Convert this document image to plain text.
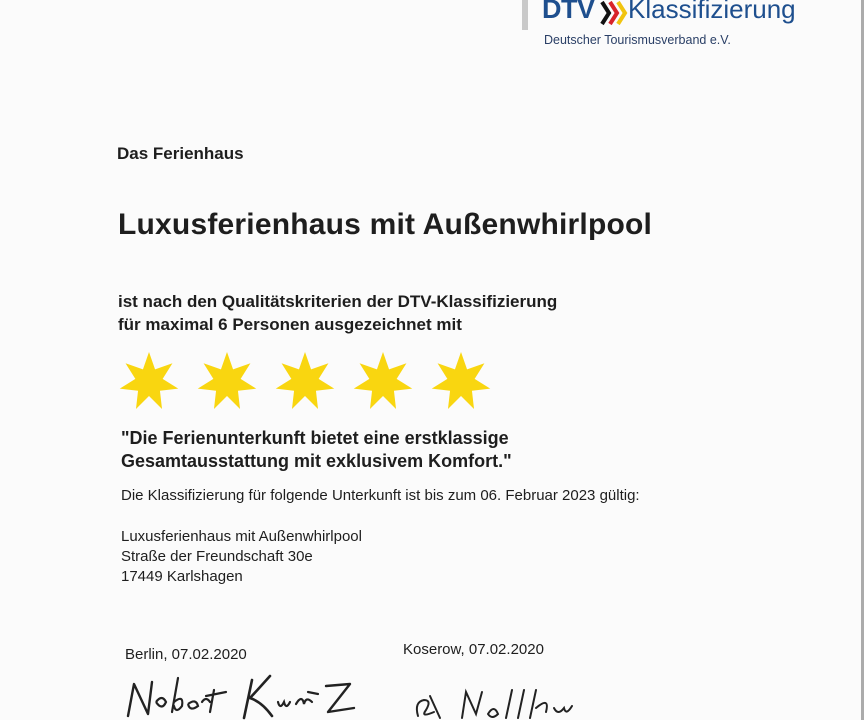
DTV Klassifizierung
Deutscher Tourismusverband e.V.

Das Ferienhaus

Luxusferienhaus mit Außenwhirlpool

ist nach den Qualitätskriterien der DTV-Klassifizierung
für maximal 6 Personen ausgezeichnet mit
"Die Ferienunterkunft bietet eine erstklassige
Gesamtausstattung mit exklusivem Komfort."

Die Klassifizierung für folgende Unterkunft ist bis zum 06. Februar 2023 gültig:

Luxusferienhaus mit Außenwhirlpool
Straße der Freundschaft 30e
17449 Karlshagen

Berlin, 07.02.2020	Koserow, 07.02.2020
